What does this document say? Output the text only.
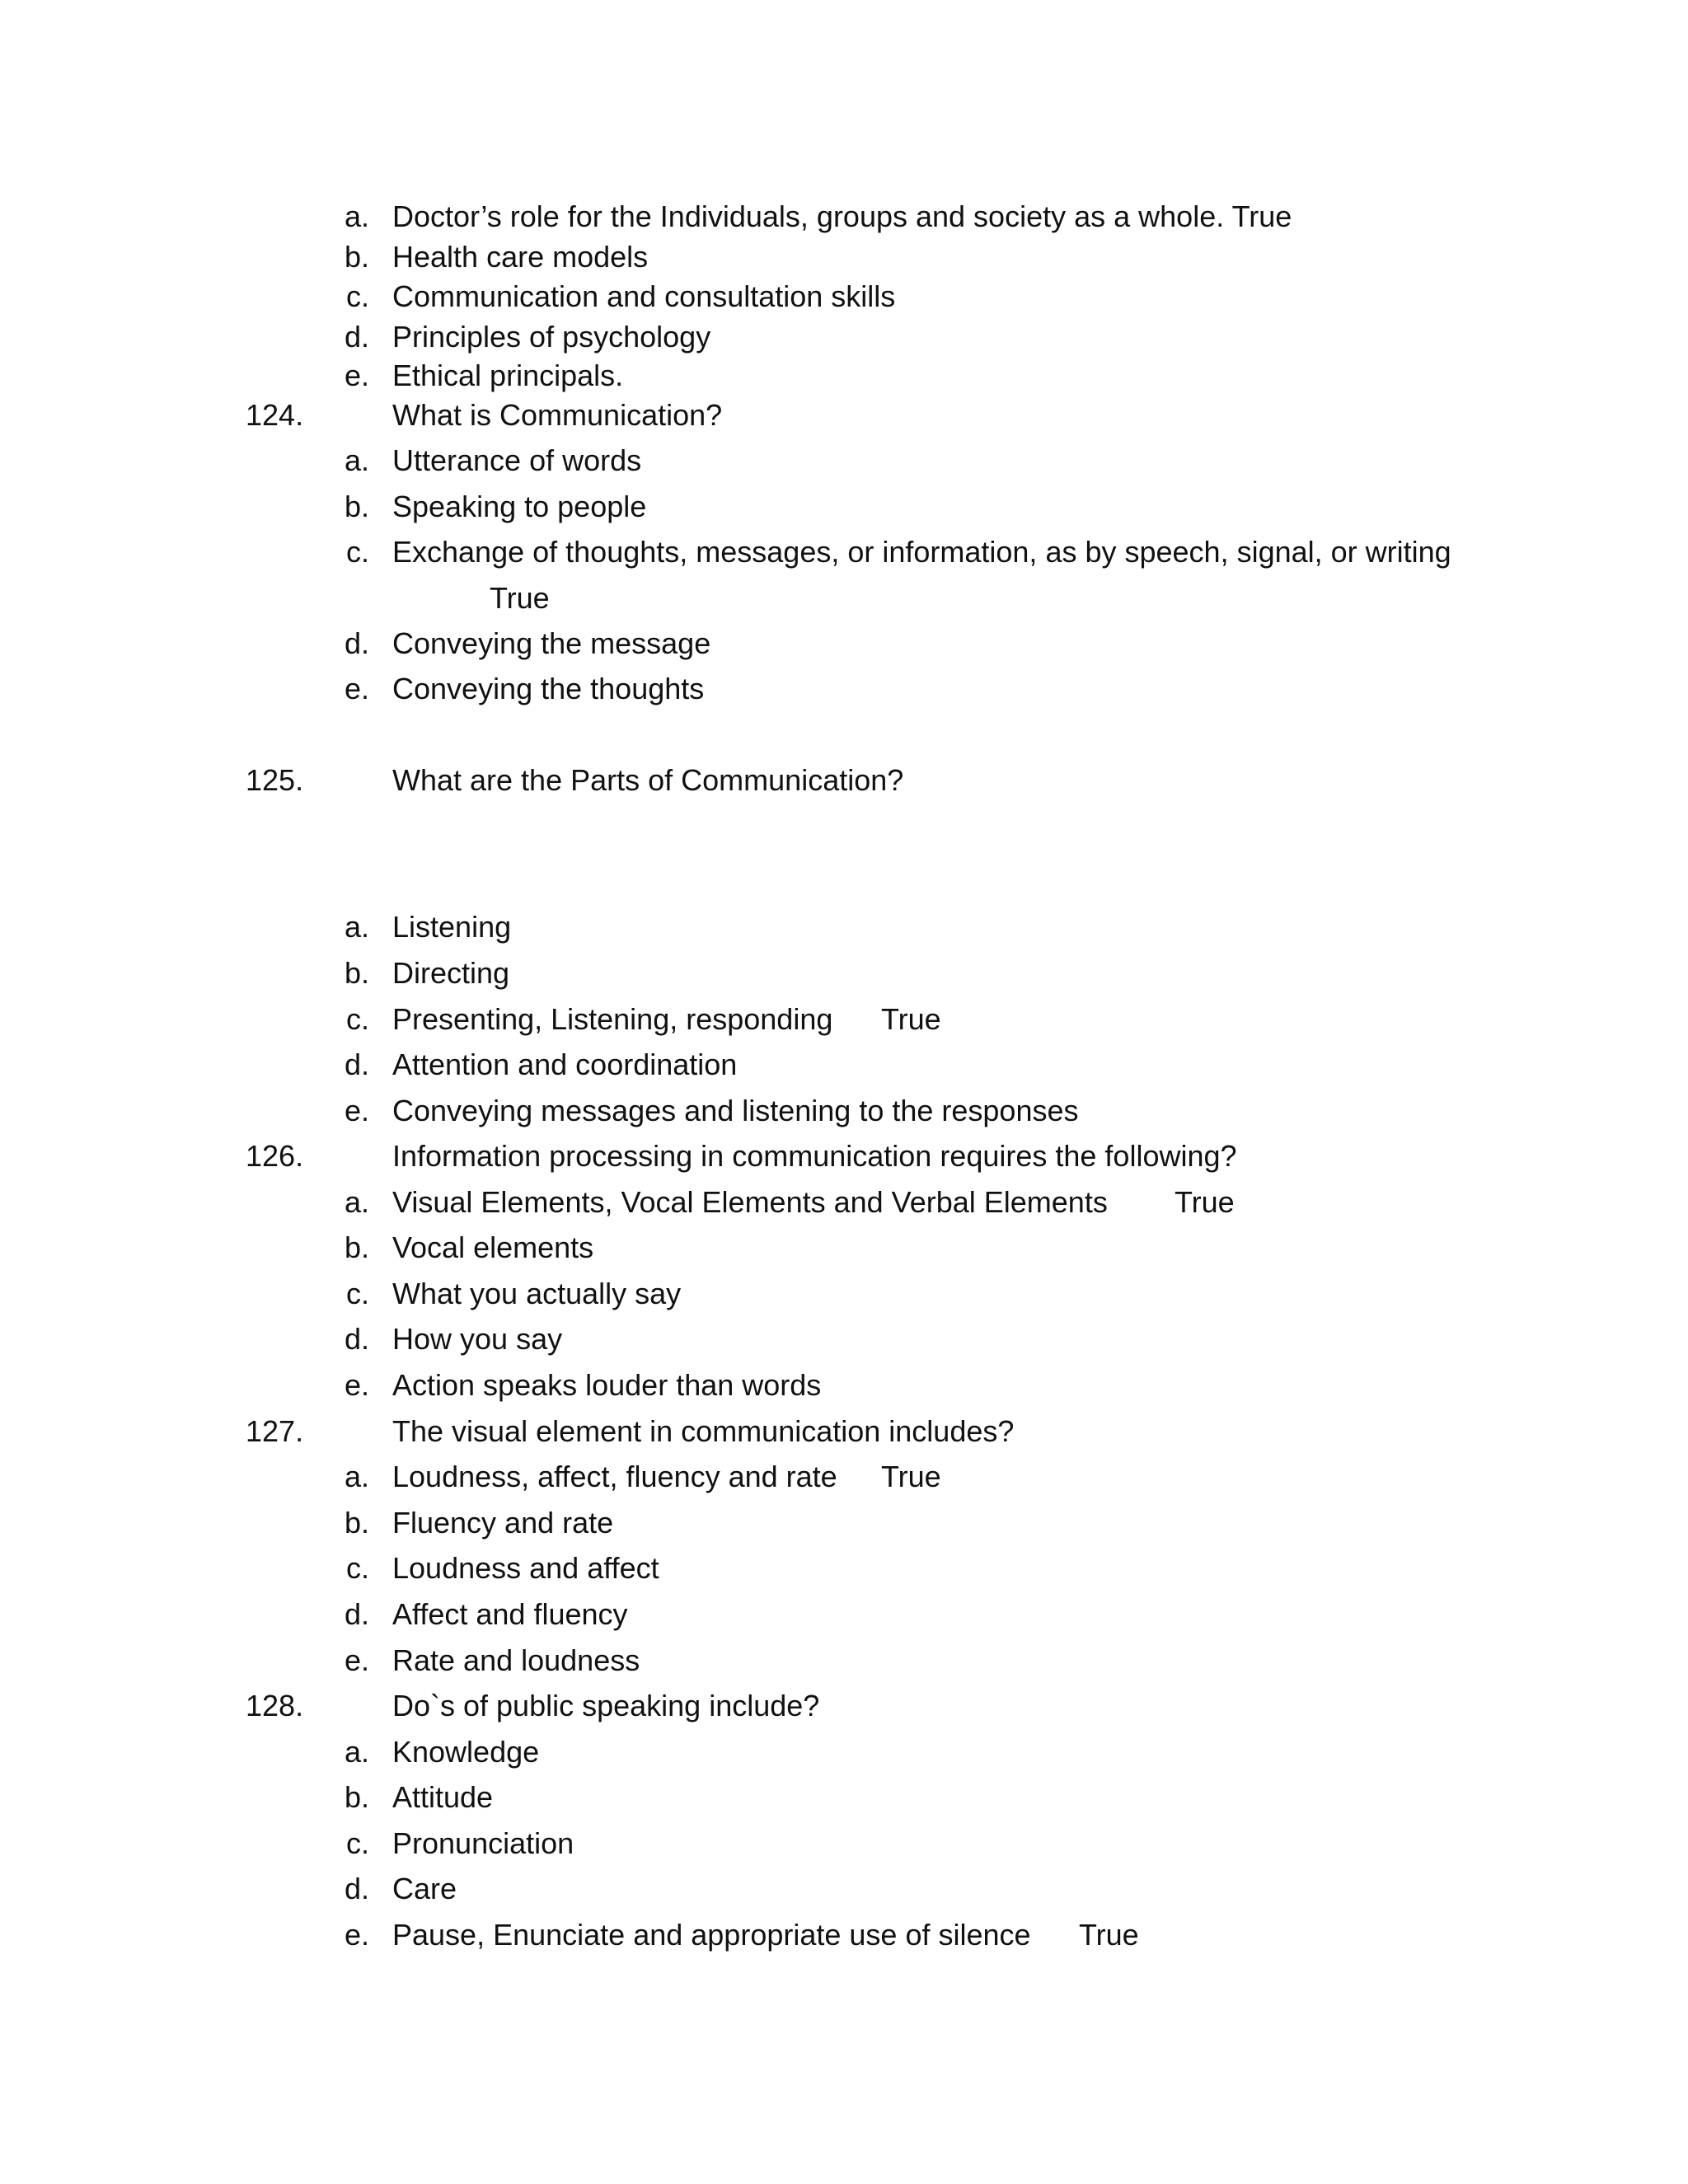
a. Doctor’s role for the Individuals, groups and society as a whole. True
b. Health care models
c. Communication and consultation skills
d. Principles of psychology
e. Ethical principals.
124.	What is Communication?
a. Utterance of words
b. Speaking to people
c. Exchange of thoughts, messages, or information, as by speech, signal, or writing
True
d. Conveying the message
e. Conveying the thoughts
125.	What are the Parts of Communication?
a. Listening
b. Directing
c. Presenting, Listening, responding True
d. Attention and coordination
e. Conveying messages and listening to the responses
126.	Information processing in communication requires the following?
a. Visual Elements, Vocal Elements and Verbal Elements True
b. Vocal elements
c. What you actually say
d. How you say
e. Action speaks louder than words
127.	The visual element in communication includes?
a. Loudness, affect, fluency and rate True
b. Fluency and rate
c. Loudness and affect
d. Affect and fluency
e. Rate and loudness
128.	Do`s of public speaking include?
a. Knowledge
b. Attitude
c. Pronunciation
d. Care
e. Pause, Enunciate and appropriate use of silence True
